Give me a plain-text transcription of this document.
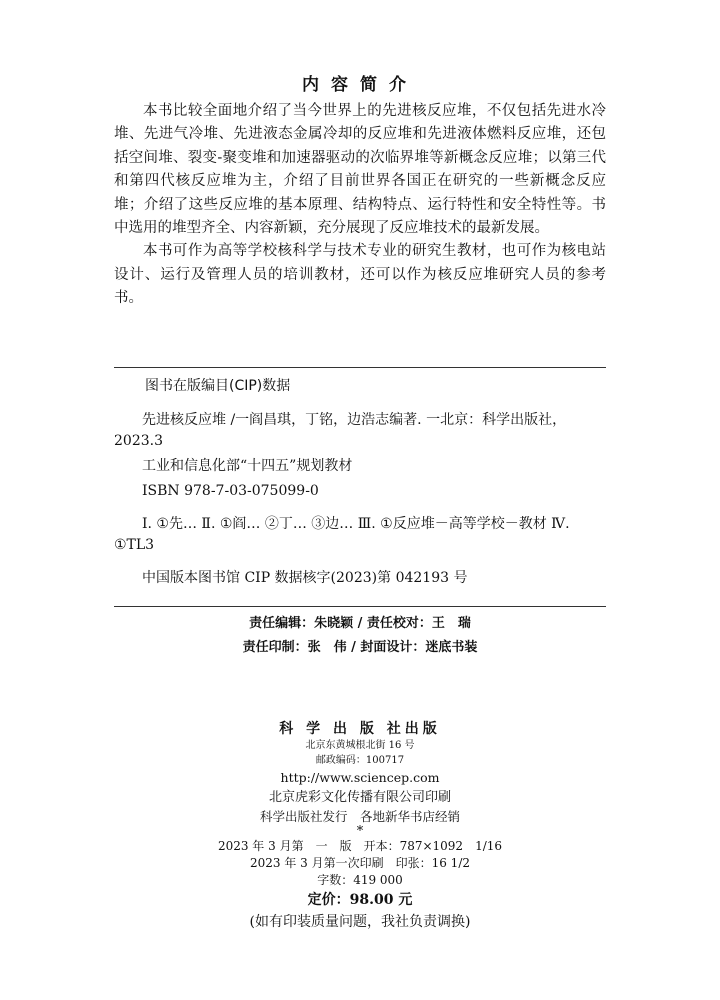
内容简介

本书比较全面地介绍了当今世界上的先进核反应堆，不仅包括先进水冷堆、先进气冷堆、先进液态金属冷却的反应堆和先进液体燃料反应堆，还包括空间堆、裂变-聚变堆和加速器驱动的次临界堆等新概念反应堆；以第三代和第四代核反应堆为主，介绍了目前世界各国正在研究的一些新概念反应堆；介绍了这些反应堆的基本原理、结构特点、运行特性和安全特性等。书中选用的堆型齐全、内容新颖，充分展现了反应堆技术的最新发展。

本书可作为高等学校核科学与技术专业的研究生教材，也可作为核电站设计、运行及管理人员的培训教材，还可以作为核反应堆研究人员的参考书。

图书在版编目(CIP)数据

先进核反应堆 /一阎昌琪，丁铭，边浩志编著. 一北京：科学出版社，2023.3

工业和信息化部“十四五”规划教材

ISBN 978-7-03-075099-0

Ⅰ. ①先… Ⅱ. ①阎… ②丁… ③边… Ⅲ. ①反应堆－高等学校－教材 Ⅳ. ①TL3

中国版本图书馆 CIP 数据核字(2023)第 042193 号

责任编辑：朱晓颖 / 责任校对：王　瑞
责任印制：张　伟 / 封面设计：迷底书装
科 学 出 版 社出版
北京东黄城根北街 16 号
邮政编码：100717
http://www.sciencep.com
北京虎彩文化传播有限公司印刷
科学出版社发行　各地新华书店经销
*
2023 年 3 月第　一　版　开本：787×1092　1/16
2023 年 3 月第一次印刷　印张：16 1/2
字数：419 000
定价：98.00 元
(如有印装质量问题，我社负责调换)
